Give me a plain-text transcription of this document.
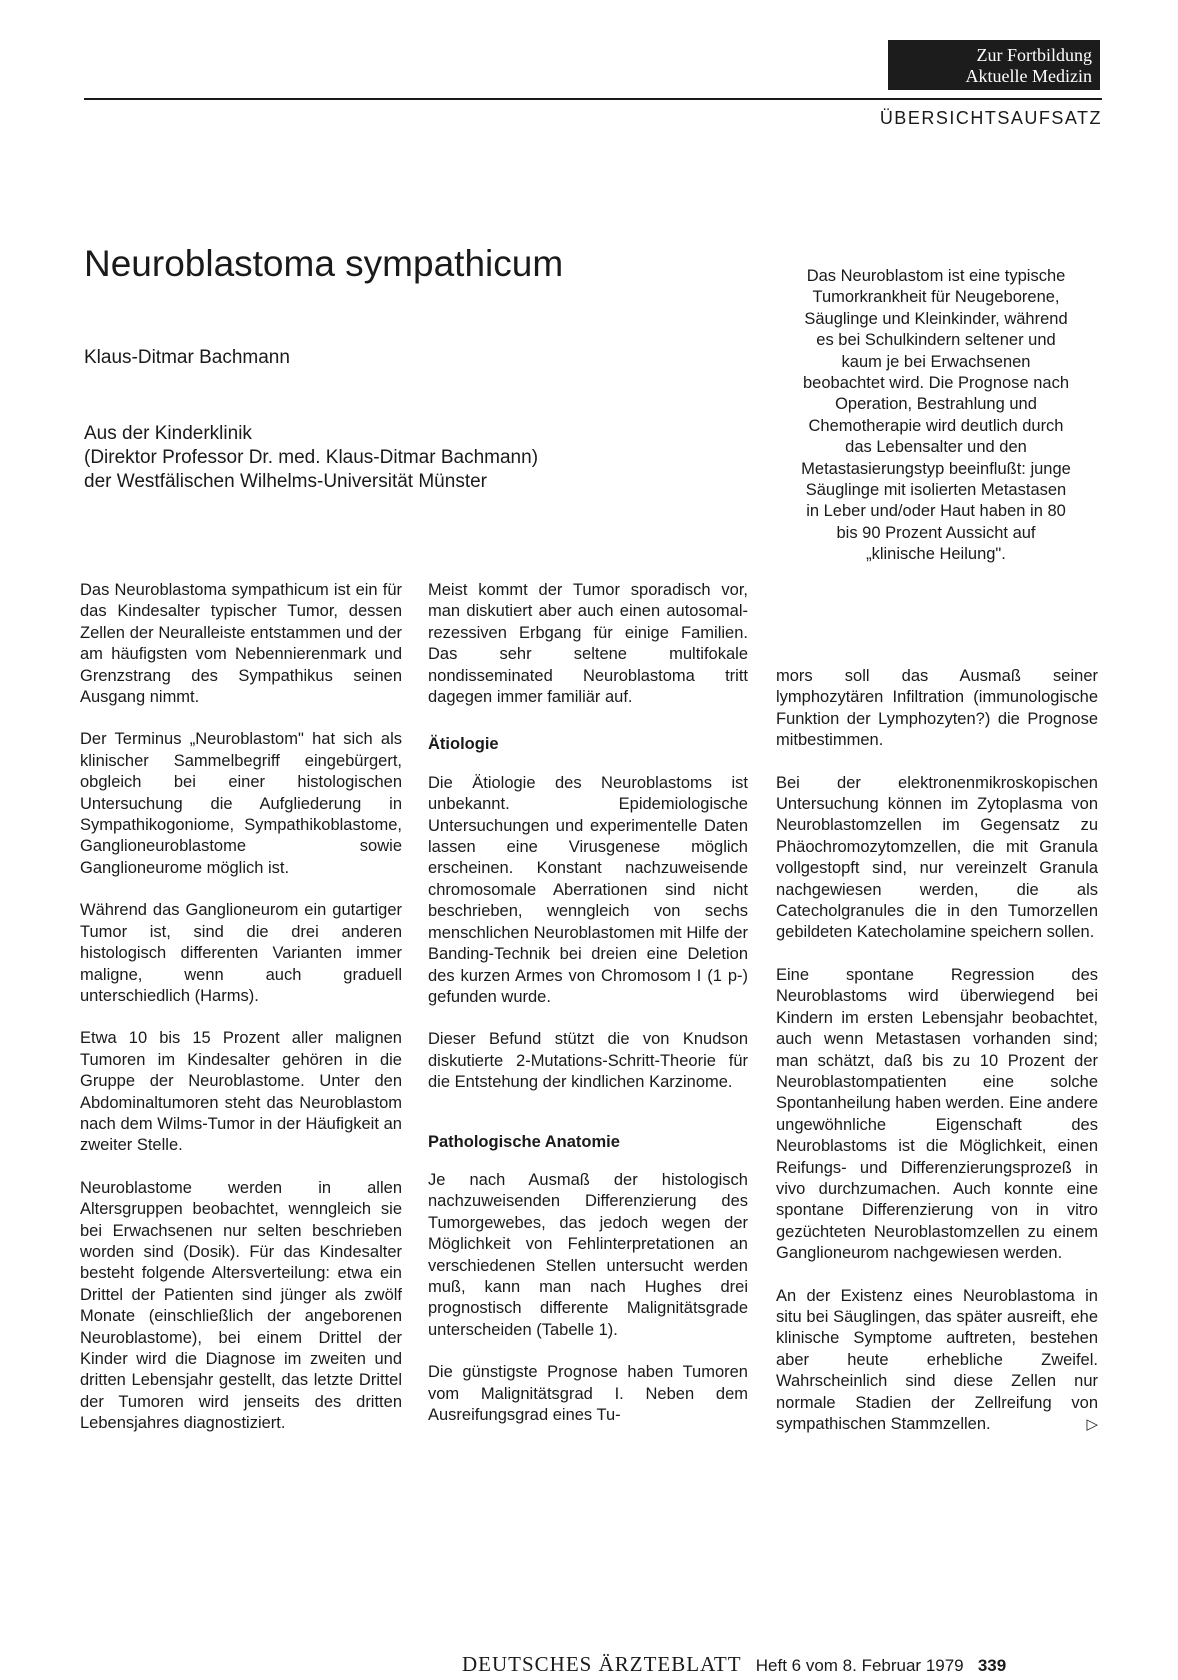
Zur Fortbildung
Aktuelle Medizin
ÜBERSICHTSAUFSATZ
Neuroblastoma sympathicum
Klaus-Ditmar Bachmann
Aus der Kinderklinik
(Direktor Professor Dr. med. Klaus-Ditmar Bachmann)
der Westfälischen Wilhelms-Universität Münster

Das Neuroblastoma sympathicum ist ein für das Kindesalter typischer Tumor, dessen Zellen der Neuralleiste entstammen und der am häufigsten vom Nebennierenmark und Grenzstrang des Sympathikus seinen Ausgang nimmt.

Der Terminus „Neuroblastom" hat sich als klinischer Sammelbegriff eingebürgert, obgleich bei einer histologischen Untersuchung die Aufgliederung in Sympathikogoniome, Sympathikoblastome, Ganglioneuroblastome sowie Ganglioneurome möglich ist.

Während das Ganglioneurom ein gutartiger Tumor ist, sind die drei anderen histologisch differenten Varianten immer maligne, wenn auch graduell unterschiedlich (Harms).

Etwa 10 bis 15 Prozent aller malignen Tumoren im Kindesalter gehören in die Gruppe der Neuroblastome. Unter den Abdominaltumoren steht das Neuroblastom nach dem Wilms-Tumor in der Häufigkeit an zweiter Stelle.

Neuroblastome werden in allen Altersgruppen beobachtet, wenngleich sie bei Erwachsenen nur selten beschrieben worden sind (Dosik). Für das Kindesalter besteht folgende Altersverteilung: etwa ein Drittel der Patienten sind jünger als zwölf Monate (einschließlich der angeborenen Neuroblastome), bei einem Drittel der Kinder wird die Diagnose im zweiten und dritten Lebensjahr gestellt, das letzte Drittel der Tumoren wird jenseits des dritten Lebensjahres diagnostiziert.

Meist kommt der Tumor sporadisch vor, man diskutiert aber auch einen autosomal-rezessiven Erbgang für einige Familien. Das sehr seltene multifokale nondisseminated Neuroblastoma tritt dagegen immer familiär auf.

Ätiologie

Die Ätiologie des Neuroblastoms ist unbekannt. Epidemiologische Untersuchungen und experimentelle Daten lassen eine Virusgenese möglich erscheinen. Konstant nachzuweisende chromosomale Aberrationen sind nicht beschrieben, wenngleich von sechs menschlichen Neuroblastomen mit Hilfe der Banding-Technik bei dreien eine Deletion des kurzen Armes von Chromosom I (1 p-) gefunden wurde.

Dieser Befund stützt die von Knudson diskutierte 2-Mutations-Schritt-Theorie für die Entstehung der kindlichen Karzinome.

Pathologische Anatomie

Je nach Ausmaß der histologisch nachzuweisenden Differenzierung des Tumorgewebes, das jedoch wegen der Möglichkeit von Fehlinterpretationen an verschiedenen Stellen untersucht werden muß, kann man nach Hughes drei prognostisch differente Malignitätsgrade unterscheiden (Tabelle 1).

Die günstigste Prognose haben Tumoren vom Malignitätsgrad I. Neben dem Ausreifungsgrad eines Tu-

Das Neuroblastom ist eine typische Tumorkrankheit für Neugeborene, Säuglinge und Kleinkinder, während es bei Schulkindern seltener und kaum je bei Erwachsenen beobachtet wird. Die Prognose nach Operation, Bestrahlung und Chemotherapie wird deutlich durch das Lebensalter und den Metastasierungstyp beeinflußt: junge Säuglinge mit isolierten Metastasen in Leber und/oder Haut haben in 80 bis 90 Prozent Aussicht auf „klinische Heilung".

mors soll das Ausmaß seiner lymphozytären Infiltration (immunologische Funktion der Lymphozyten?) die Prognose mitbestimmen.

Bei der elektronenmikroskopischen Untersuchung können im Zytoplasma von Neuroblastomzellen im Gegensatz zu Phäochromozytomzellen, die mit Granula vollgestopft sind, nur vereinzelt Granula nachgewiesen werden, die als Catecholgranules die in den Tumorzellen gebildeten Katecholamine speichern sollen.

Eine spontane Regression des Neuroblastoms wird überwiegend bei Kindern im ersten Lebensjahr beobachtet, auch wenn Metastasen vorhanden sind; man schätzt, daß bis zu 10 Prozent der Neuroblastompatienten eine solche Spontanheilung haben werden. Eine andere ungewöhnliche Eigenschaft des Neuroblastoms ist die Möglichkeit, einen Reifungs- und Differenzierungsprozeß in vivo durchzumachen. Auch konnte eine spontane Differenzierung von in vitro gezüchteten Neuroblastomzellen zu einem Ganglioneurom nachgewiesen werden.

An der Existenz eines Neuroblastoma in situ bei Säuglingen, das später ausreift, ehe klinische Symptome auftreten, bestehen aber heute erhebliche Zweifel. Wahrscheinlich sind diese Zellen nur normale Stadien der Zellreifung von sympathischen Stammzellen.	▷

DEUTSCHES ÄRZTEBLATT Heft 6 vom 8. Februar 1979 339
